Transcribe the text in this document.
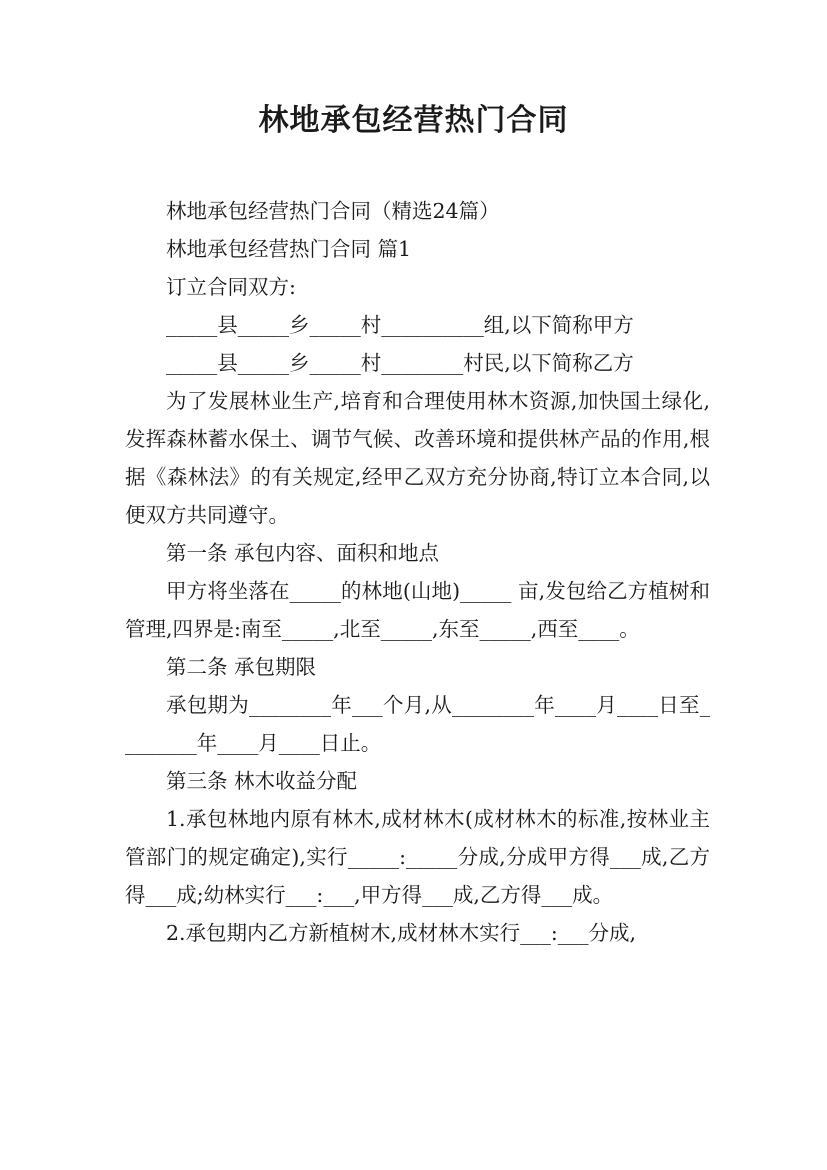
林地承包经营热门合同

林地承包经营热门合同（精选24篇）

林地承包经营热门合同 篇1

订立合同双方:

_____县_____乡_____村__________组,以下简称甲方

_____县_____乡_____村________村民,以下简称乙方

为了发展林业生产,培育和合理使用林木资源,加快国土绿化,发挥森林蓄水保土、调节气候、改善环境和提供林产品的作用,根据《森林法》的有关规定,经甲乙双方充分协商,特订立本合同,以便双方共同遵守。

第一条 承包内容、面积和地点

甲方将坐落在_____的林地(山地)_____ 亩,发包给乙方植树和管理,四界是:南至_____,北至_____,东至_____,西至____。

第二条 承包期限

承包期为________年___个月,从________年____月____日至________年____月____日止。

第三条 林木收益分配

1.承包林地内原有林木,成材林木(成材林木的标准,按林业主管部门的规定确定),实行_____:_____分成,分成甲方得___成,乙方得___成;幼林实行___:___,甲方得___成,乙方得___成。

2.承包期内乙方新植树木,成材林木实行___:___分成,
